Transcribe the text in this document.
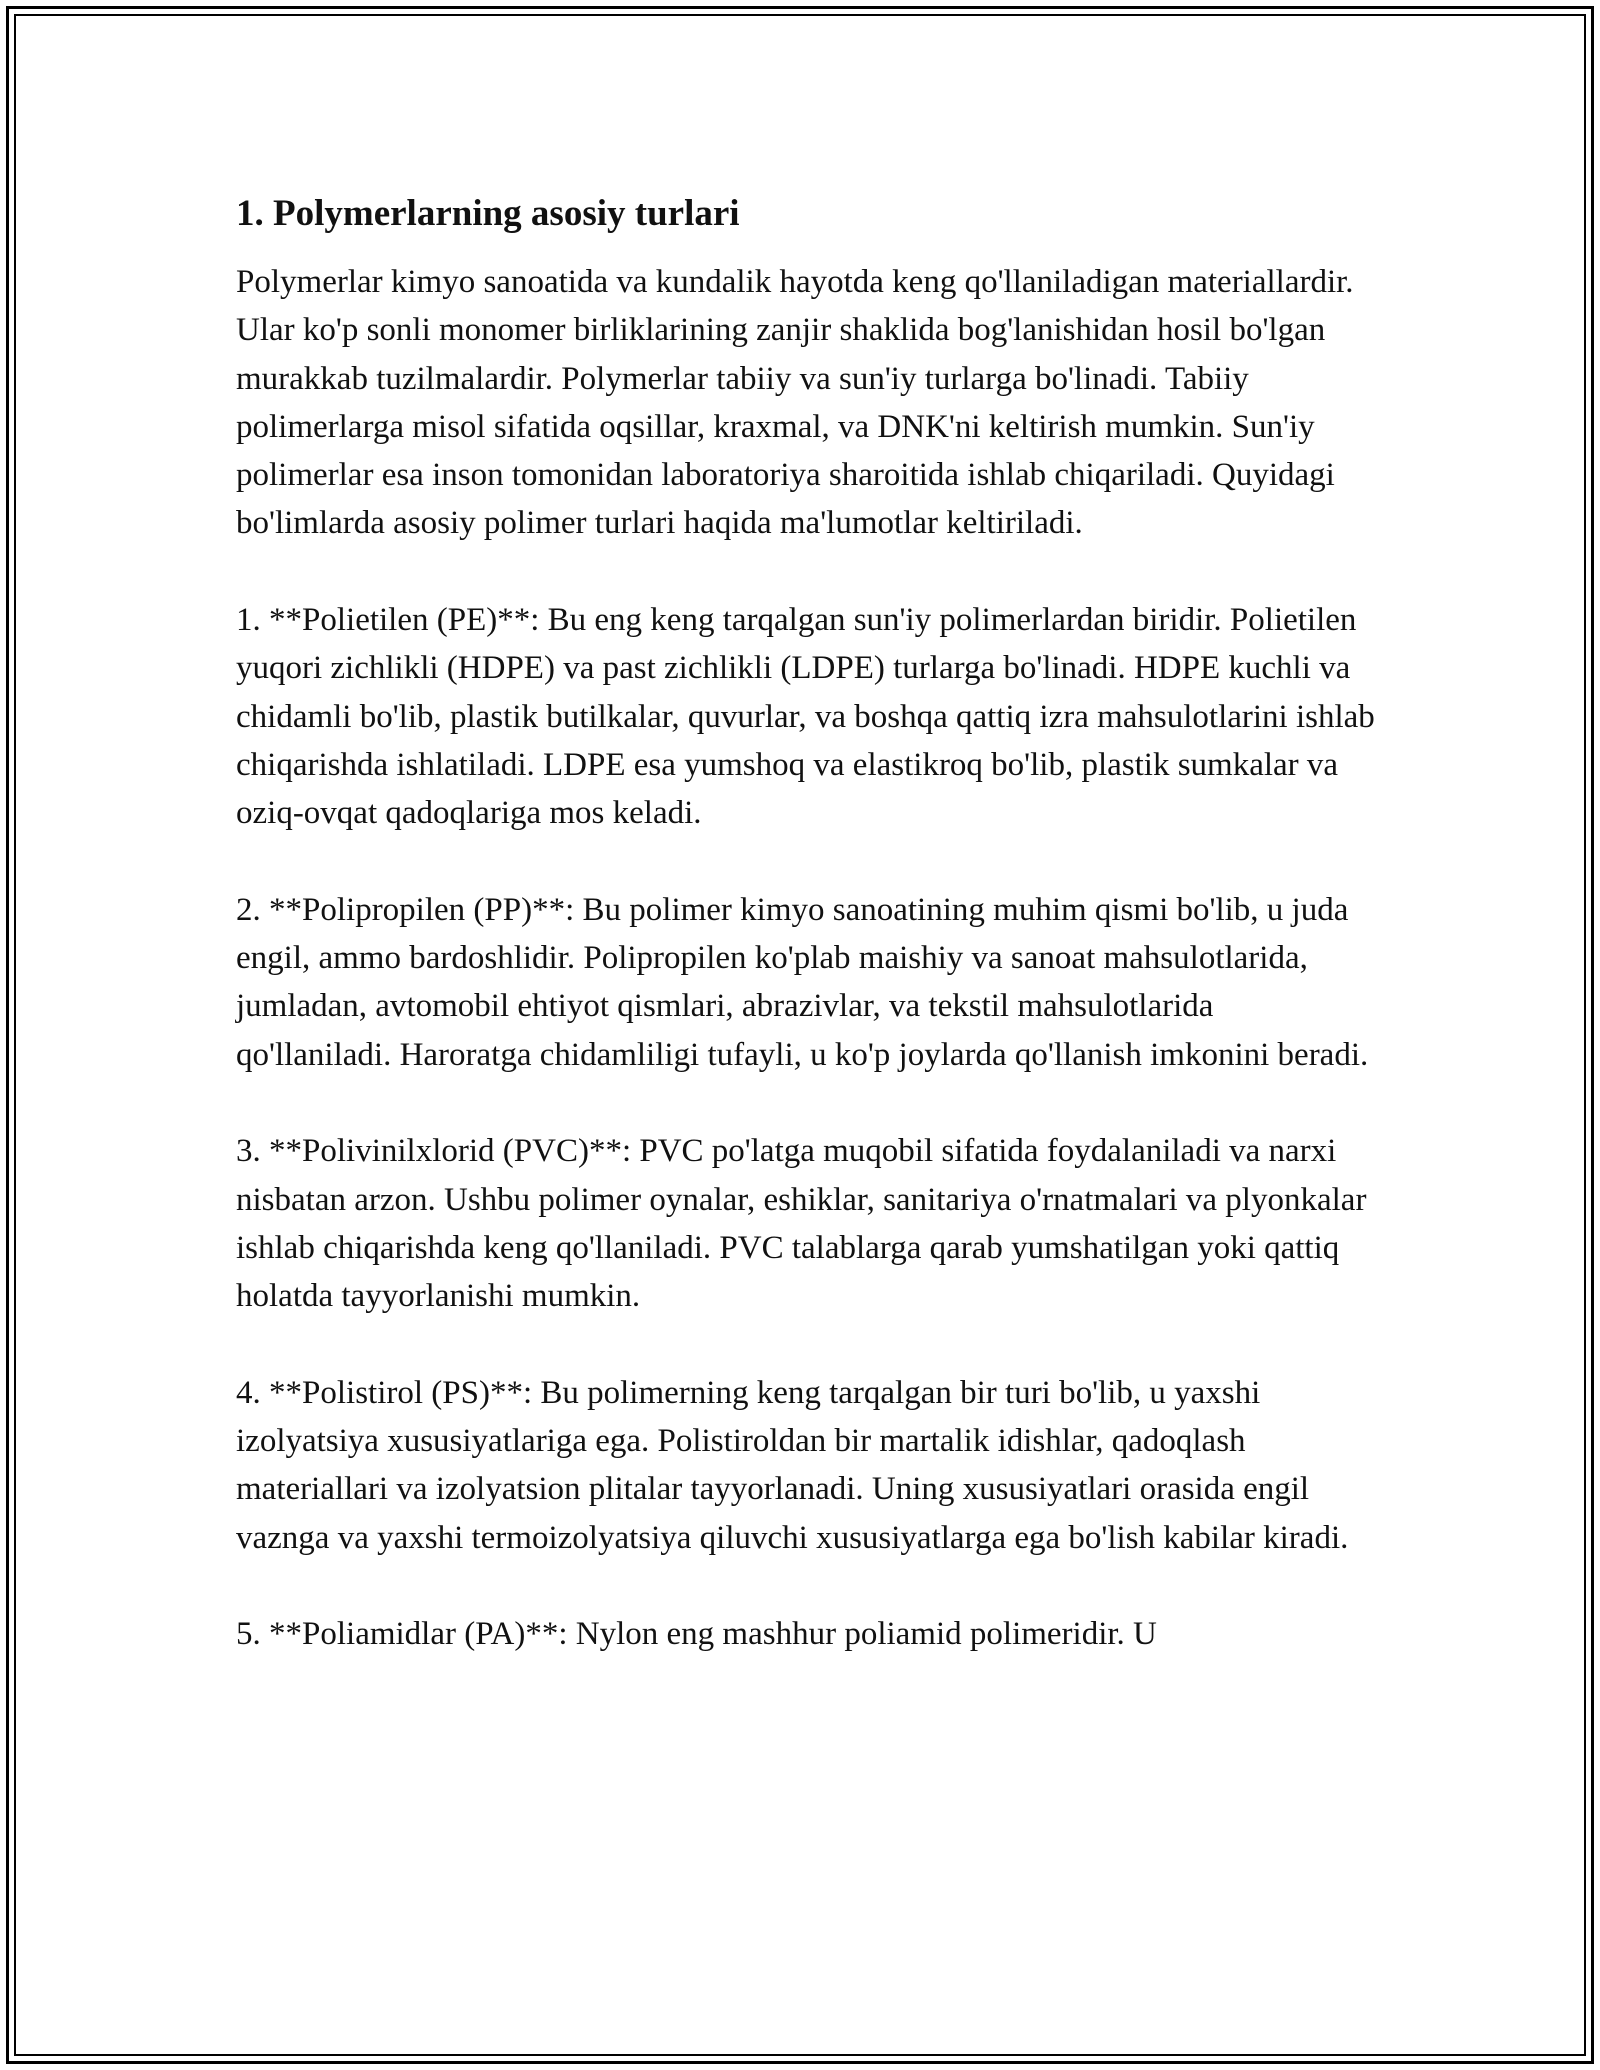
1. Polymerlarning asosiy turlari

Polymerlar kimyo sanoatida va kundalik hayotda keng qo'llaniladigan materiallardir. Ular ko'p sonli monomer birliklarining zanjir shaklida bog'lanishidan hosil bo'lgan murakkab tuzilmalardir. Polymerlar tabiiy va sun'iy turlarga bo'linadi. Tabiiy polimerlarga misol sifatida oqsillar, kraxmal, va DNK'ni keltirish mumkin. Sun'iy polimerlar esa inson tomonidan laboratoriya sharoitida ishlab chiqariladi. Quyidagi bo'limlarda asosiy polimer turlari haqida ma'lumotlar keltiriladi.

1. **Polietilen (PE)**: Bu eng keng tarqalgan sun'iy polimerlardan biridir. Polietilen yuqori zichlikli (HDPE) va past zichlikli (LDPE) turlarga bo'linadi. HDPE kuchli va chidamli bo'lib, plastik butilkalar, quvurlar, va boshqa qattiq izra mahsulotlarini ishlab chiqarishda ishlatiladi. LDPE esa yumshoq va elastikroq bo'lib, plastik sumkalar va oziq-ovqat qadoqlariga mos keladi.

2. **Polipropilen (PP)**: Bu polimer kimyo sanoatining muhim qismi bo'lib, u juda engil, ammo bardoshlidir. Polipropilen ko'plab maishiy va sanoat mahsulotlarida, jumladan, avtomobil ehtiyot qismlari, abrazivlar, va tekstil mahsulotlarida qo'llaniladi. Haroratga chidamliligi tufayli, u ko'p joylarda qo'llanish imkonini beradi.

3. **Polivinilxlorid (PVC)**: PVC po'latga muqobil sifatida foydalaniladi va narxi nisbatan arzon. Ushbu polimer oynalar, eshiklar, sanitariya o'rnatmalari va plyonkalar ishlab chiqarishda keng qo'llaniladi. PVC talablarga qarab yumshatilgan yoki qattiq holatda tayyorlanishi mumkin.

4. **Polistirol (PS)**: Bu polimerning keng tarqalgan bir turi bo'lib, u yaxshi izolyatsiya xususiyatlariga ega. Polistiroldan bir martalik idishlar, qadoqlash materiallari va izolyatsion plitalar tayyorlanadi. Uning xususiyatlari orasida engil vaznga va yaxshi termoizolyatsiya qiluvchi xususiyatlarga ega bo'lish kabilar kiradi.

5. **Poliamidlar (PA)**: Nylon eng mashhur poliamid polimeridir. U
